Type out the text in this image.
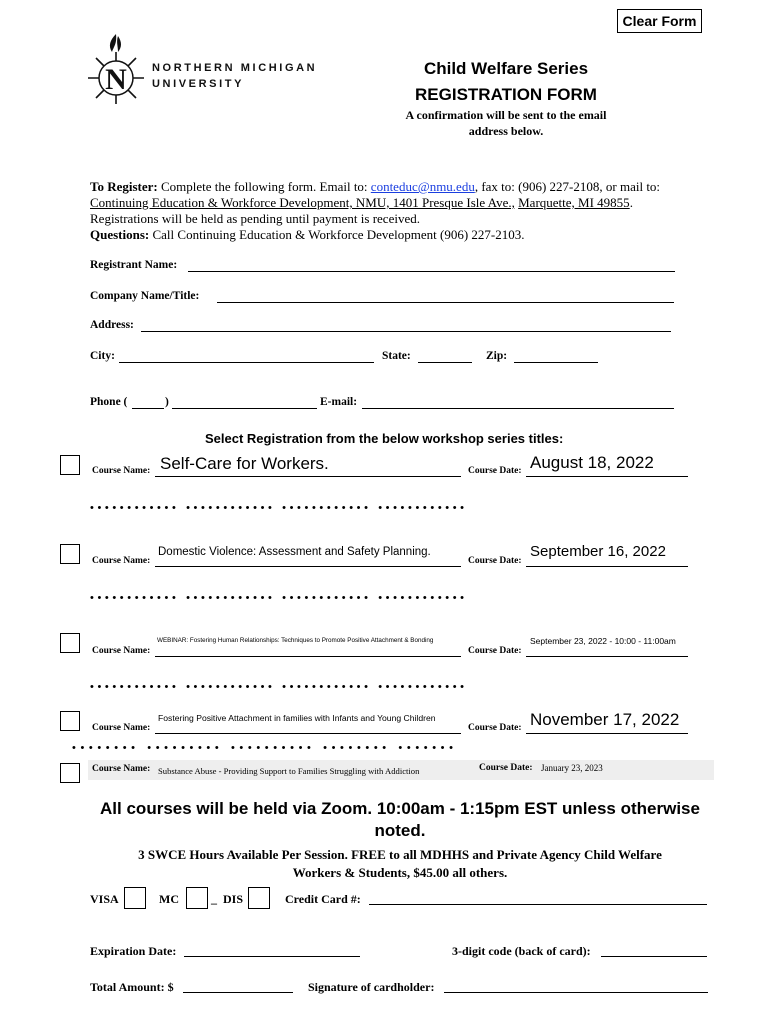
Clear Form
N NORTHERN MICHIGAN
UNIVERSITY
Child Welfare Series
REGISTRATION FORM
A confirmation will be sent to the email
address below.
To Register: Complete the following form. Email to: conteduc@nmu.edu, fax to: (906) 227-2108, or mail to: Continuing Education & Workforce Development, NMU, 1401 Presque Isle Ave., Marquette, MI 49855. Registrations will be held as pending until payment is received.
Questions: Call Continuing Education & Workforce Development (906) 227-2103.
Registrant Name:
Company Name/Title:
Address:
City:	State:	Zip:
Phone (	)	E-mail:
Select Registration from the below workshop series titles:
Course Name: Self-Care for Workers.	Course Date: August 18, 2022
•••••••••••• •••••••••••• •••••••••••• ••••••••••••
Course Name:
Domestic Violence: Assessment and Safety Planning.
Course Date:
September 16, 2022
•••••••••••• •••••••••••• •••••••••••• ••••••••••••
Course Name:
WEBINAR: Fostering Human Relationships: Techniques to Promote Positive Attachment & Bonding
Course Date:
September 23, 2022 - 10:00 - 11:00am
•••••••••••• •••••••••••• •••••••••••• ••••••••••••
Course Name:
Fostering Positive Attachment in families with Infants and Young Children
Course Date: November 17, 2022
•••••••• ••••••••• •••••••••• •••••••• •••••••
Course Name: Substance Abuse - Providing Support to Families Struggling with Addiction	Course Date: January 23, 2023
All courses will be held via Zoom. 10:00am - 1:15pm EST unless otherwise
noted.
3 SWCE Hours Available Per Session. FREE to all MDHHS and Private Agency Child Welfare
Workers & Students, $45.00 all others.
VISA	MC	_ DIS	Credit Card #:
Expiration Date:	3-digit code (back of card):
Total Amount: $	Signature of cardholder:
